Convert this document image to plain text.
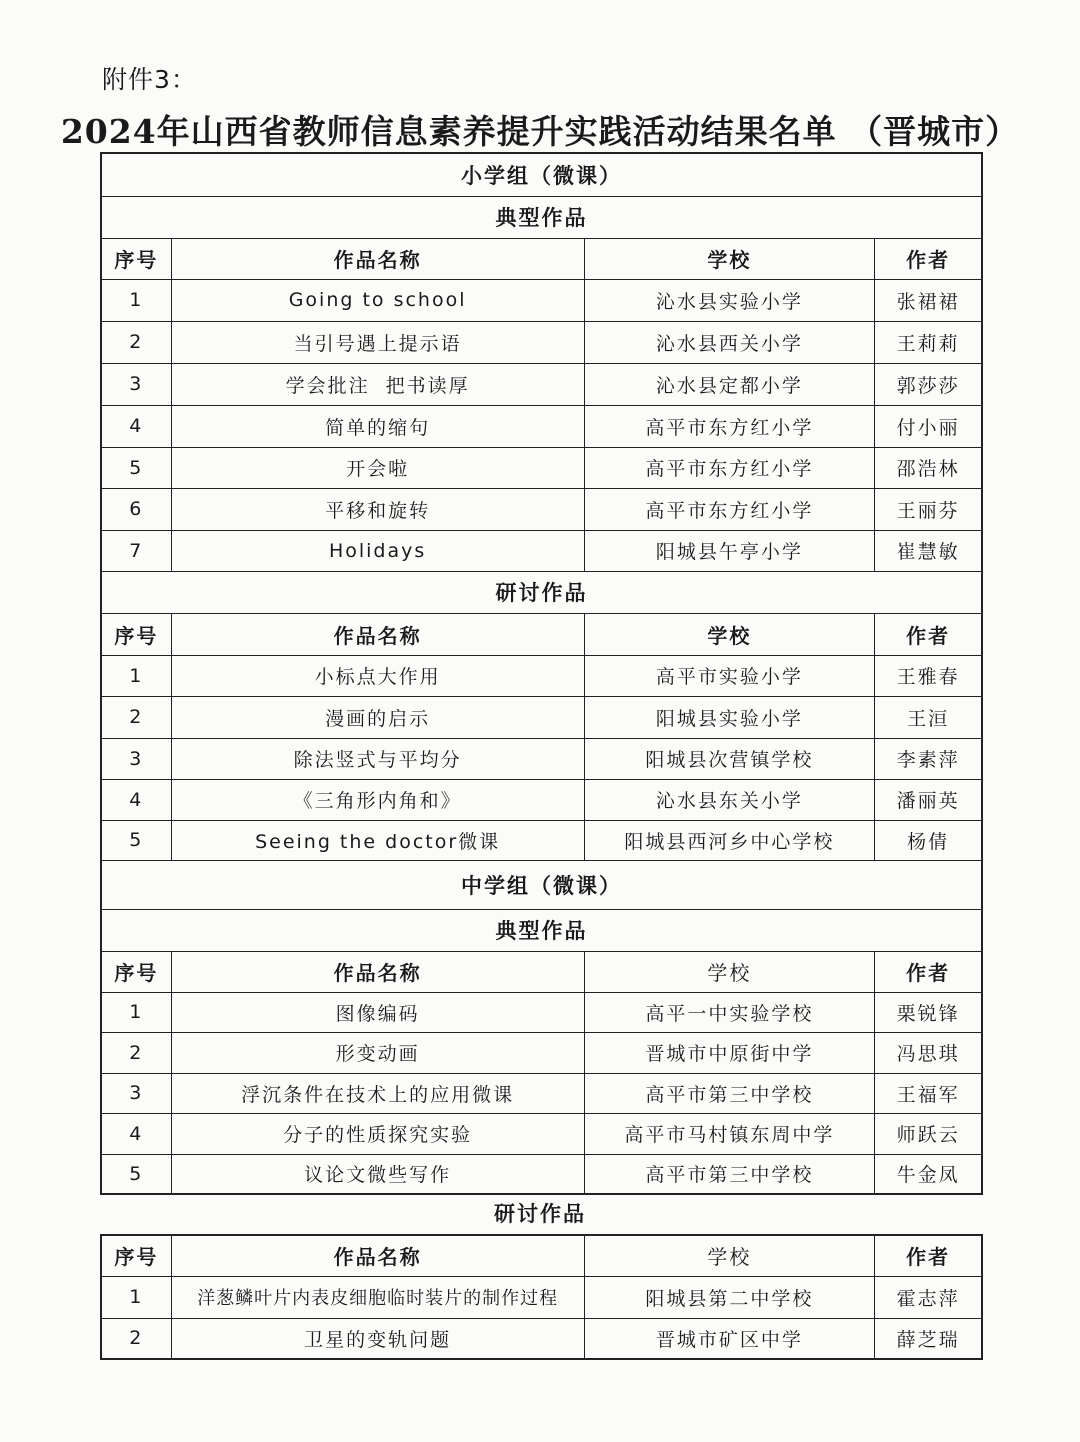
附件3：
2024年山西省教师信息素养提升实践活动结果名单 （晋城市）
小学组（微课）			
典型作品			
序号	作品名称	学校	作者
1	Going to school	沁水县实验小学	张裙裙
2	当引号遇上提示语	沁水县西关小学	王莉莉
3	学会批注  把书读厚	沁水县定都小学	郭莎莎
4	简单的缩句	高平市东方红小学	付小丽
5	开会啦	高平市东方红小学	邵浩林
6	平移和旋转	高平市东方红小学	王丽芬
7	Holidays	阳城县午亭小学	崔慧敏
研讨作品			
序号	作品名称	学校	作者
1	小标点大作用	高平市实验小学	王雅春
2	漫画的启示	阳城县实验小学	王洹
3	除法竖式与平均分	阳城县次营镇学校	李素萍
4	《三角形内角和》	沁水县东关小学	潘丽英
5	Seeing the doctor微课	阳城县西河乡中心学校	杨倩
中学组（微课）			
典型作品			
序号	作品名称	学校	作者
1	图像编码	高平一中实验学校	栗锐锋
2	形变动画	晋城市中原街中学	冯思琪
3	浮沉条件在技术上的应用微课	高平市第三中学校	王福军
4	分子的性质探究实验	高平市马村镇东周中学	师跃云
5	议论文微些写作	高平市第三中学校	牛金凤
研讨作品
序号	作品名称	学校	作者
1	洋葱鳞叶片内表皮细胞临时装片的制作过程	阳城县第二中学校	霍志萍
2	卫星的变轨问题	晋城市矿区中学	薛芝瑞
